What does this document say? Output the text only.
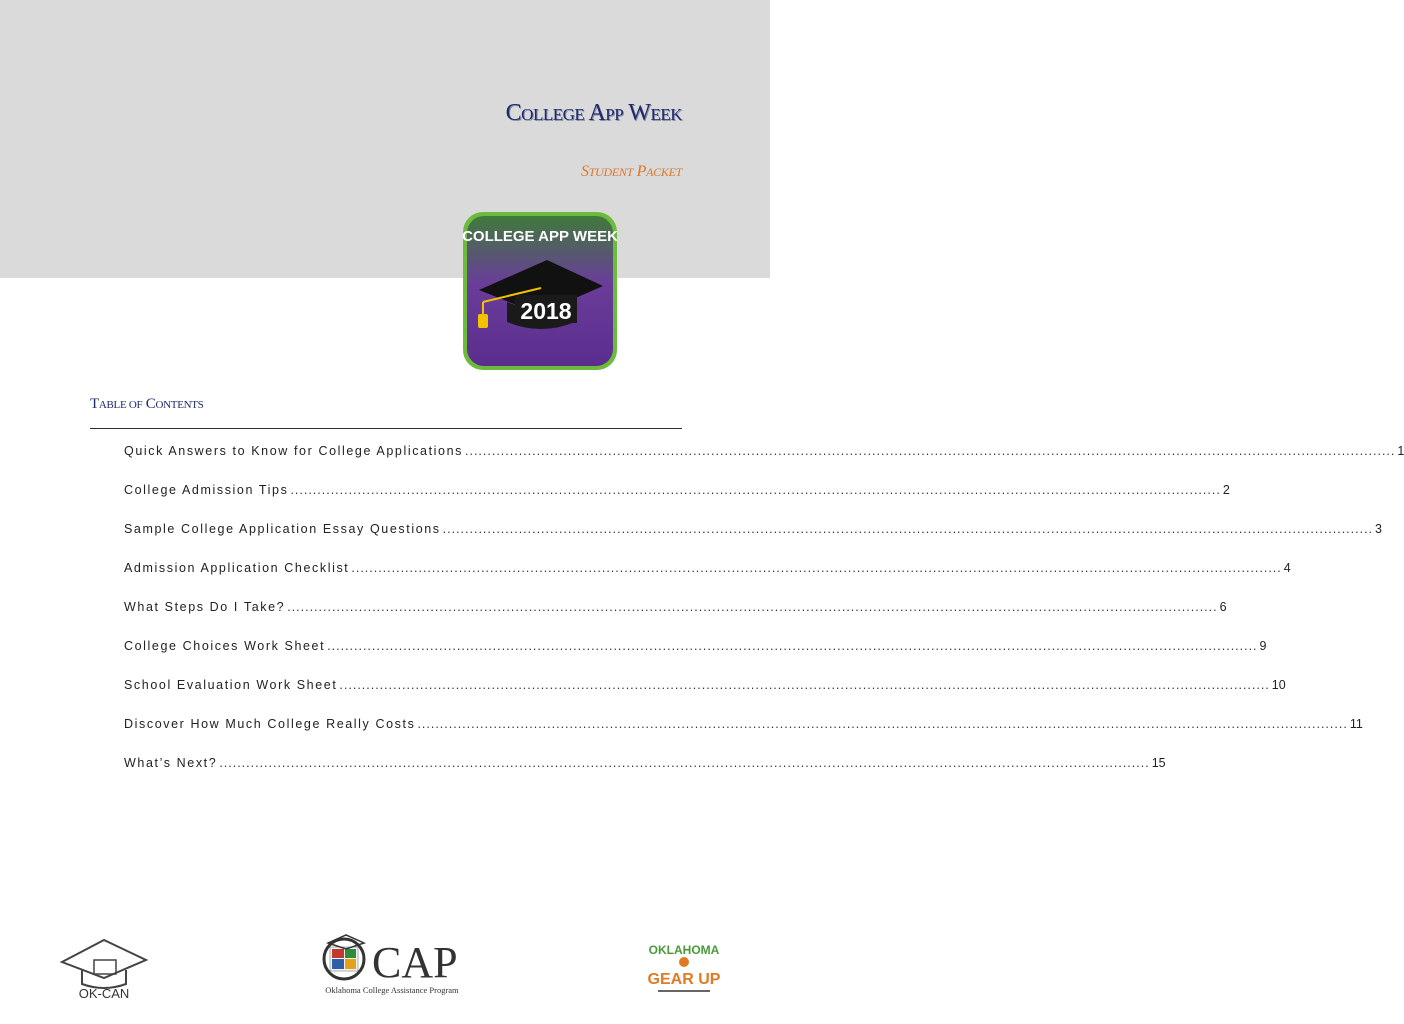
COLLEGE APP WEEK
STUDENT PACKET
COLLEGE APP WEEK
2018
TABLE OF CONTENTS
Quick Answers to Know for College Applications .....	1
College Admission Tips .....	2
Sample College Application Essay Questions .....	3
Admission Application Checklist .....	4
What Steps Do I Take? .....	6
College Choices Work Sheet .....	9
School Evaluation Work Sheet .....	10
Discover How Much College Really Costs .....	11
What’s Next? .....	15
OK-CAN
CAP
Oklahoma College Assistance Program
OKLAHOMA
GEAR UP
